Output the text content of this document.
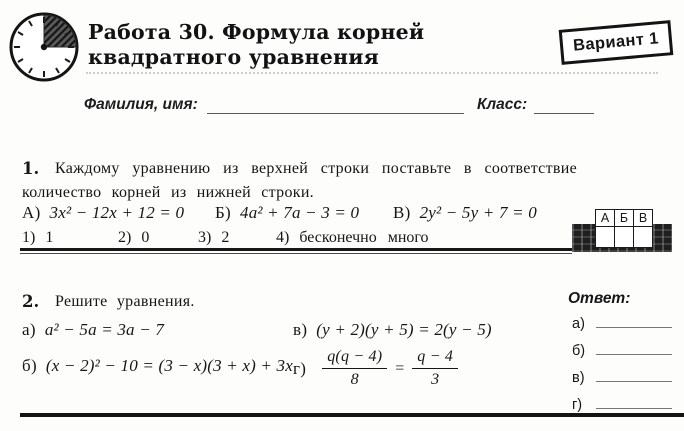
Работа 30. Формула корней
квадратного уравнения
Вариант 1
Фамилия, имя:	Класс:
1. Каждому уравнению из верхней строки поставьте в соответствие
количество корней из нижней строки.
А) 3x² − 12x + 12 = 0 Б) 4a² + 7a − 3 = 0 В) 2y² − 5y + 7 = 0
1) 1	2) 0	3) 2	4) бесконечно много
А	Б	В

2. Решите уравнения.
а) a² − 5a = 3a − 7
б) (x − 2)² − 10 = (3 − x)(3 + x) + 3x
в) (y + 2)(y + 5) = 2(y − 5)
$г) \frac{q(q - 4)}{8} = \frac{q - 4}{3}$
Ответ:
а)
б)
в)
г)
